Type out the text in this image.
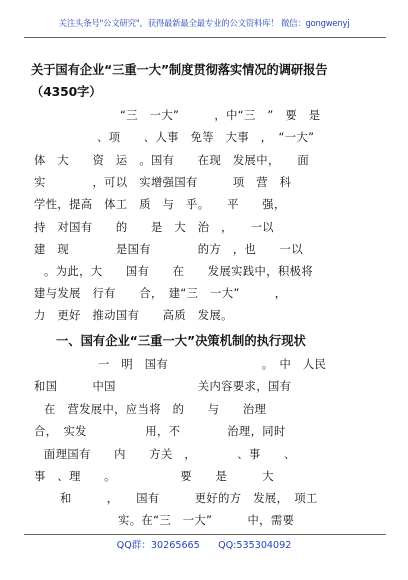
关注头条号"公文研究"，获得最新最全最专业的公文资料库！ 微信：gongwenyj
关于国有企业“三重一大”制度贯彻落实情况的调研报告
（4350字）
“三　一大”　　　，中“三　”　要　是
、项　　、人事　免等　大事　，　“一大”
体　大　　资　运　。国有　　在现　发展中，　　面
实　　　　，可以　实增强国有　　　项　营　科
学性，提高　体工　质　与　乎。　　平　　强，
持　对国有　　的　　是　大　治　，　　一以
建　现　　　　是国有　　　　的方　，也　　一以
。为此，大　　国有　　在　　发展实践中，积极将
建与发展　行有　　合，　建“三　一大”　　　，
力　更好　推动国有　　高质　发展。
一、国有企业“三重一大”决策机制的执行现状
一　明　国有　　　　　　　　。　中　人民
和国　　　中国　　　　　　　关内容要求，国有
在　营发展中，应当将　的　　与　　治理
合，　实发　　　　　用，不　　　　治理，同时
面理国有　　内　　方关　，　　　　、事　　、
事　、理　　。　　　　　　要　　是　　　大
和　　　，　　国有　　　更好的方　发展，　项工
实。在“三　一大”　　　中，需要
QQ群：30265665 QQ:535304092
